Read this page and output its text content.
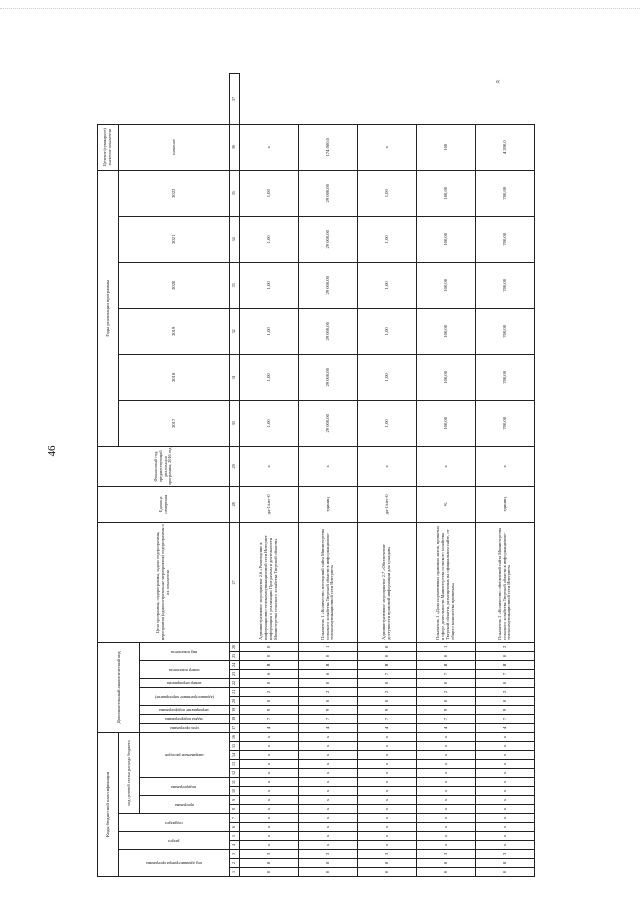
«
46
Коды бюджетной классификации																Дополнительный аналитический код										Цели программы, подпрограммы, задачи подпрограммы, мероприятия (административные мероприятия) подпрограммы и их показатели	Единица измерения	Финансовый год, предшествующий реализации программы, 2016 год	Годы реализации программы						Целевое (суммарное) значение показателя	
код администратора программы			раздел		подраздел		код целевой статьи расхода бюджета																						2017	2018	2019	2020	2021	2022	значение	
							программа		подпрограмма		направление расходов					цель программы	задача подпрограммы	мероприятие подпрограммы	(административное мероприятие)		номер мероприятия	номер показателя		вид показателя												
1	2	3	4	5	6	7	8	9	10	11	12	13	14	15	16	17	18	19	20	21	22	23	24	25	26	27	28	29	30	31	32	33	34	35	36	37
0	8	3	х	х	х	х	х	х	х	х	х	х	х	х	х	4	7	9	0	2	0	6	Я	0	0	Административное мероприятие 2.6 «Размещение в информационно-телекоммуникационной сети Интернет информации о реализации Программы в деятельности Министерства сельского хозяйства Тверской области»	да-1/нет-0	х	1,00	1,00	1,00	1,00	1,00	1,00	х	
0	8	3	х	х	х	х	х	х	х	х	х	х	х	х	х	4	7	9	0	2	0	6	Я	0	1	Показатель 1 «Количество посещений сайта Министерства сельского хозяйства Тверской области в информационно-телекоммуникационной сети Интернет»	единиц	х	29 000,00	29 000,00	29 000,00	29 000,00	29 000,00	29 000,00	174 000,0	
0	8	3	х	х	х	х	х	х	х	х	х	х	х	х	х	4	7	9	0	2	0	7	Я	0	0	Административное мероприятие 2.7 «Обеспечение доступности правовой информации для граждан»	да-1/нет-0	х	1,00	1,00	1,00	1,00	1,00	1,00	х	
0	8	3	х	х	х	х	х	х	х	х	х	х	х	х	х	4	7	9	0	2	0	7	Я	0	1	Показатель 1 «Доля нормативных правовых актов, принятых в сфере деятельности Министерства сельского хозяйства Тверской области, размещенных на официальном сайте, от общего количества принятых»	%	х	100,00	100,00	100,00	100,00	100,00	100,00	100	
0	8	3	х	х	х	х	х	х	х	х	х	х	х	х	х	4	7	9	0	2	0	7	Я	0	2	Показатель 2 «Количество обновлений сайта Министерства сельского хозяйства Тверской области в информационно-телекоммуникационной сети Интернет»	единиц	х	700,00	700,00	700,00	700,00	700,00	700,00	4 200,0	
